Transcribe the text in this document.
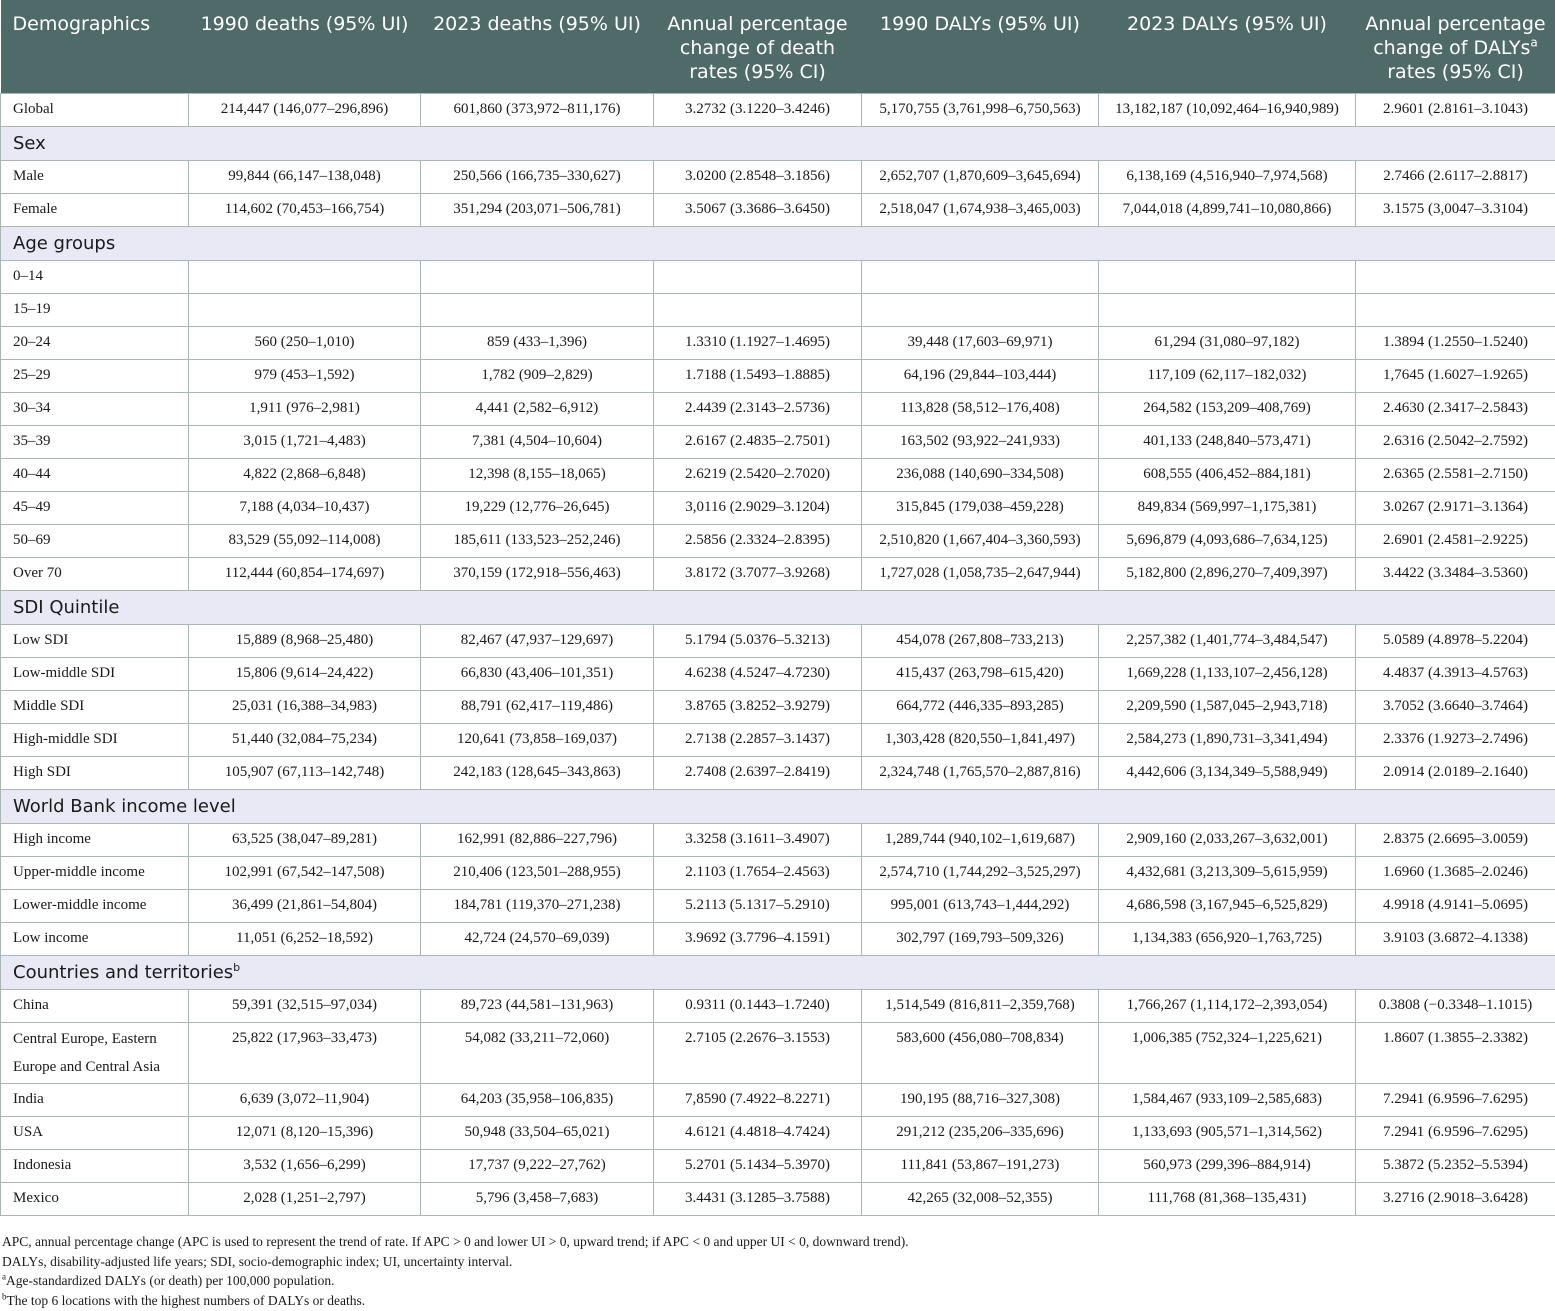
Demographics	1990 deaths (95% UI)	2023 deaths (95% UI)	Annual percentage change of death rates (95% CI)	1990 DALYs (95% UI)	2023 DALYs (95% UI)	Annual percentage change of DALYs$^a$ rates (95% CI)
Global	214,447 (146,077–296,896)	601,860 (373,972–811,176)	3.2732 (3.1220–3.4246)	5,170,755 (3,761,998–6,750,563)	13,182,187 (10,092,464–16,940,989)	2.9601 (2.8161–3.1043)
Sex						
Male	99,844 (66,147–138,048)	250,566 (166,735–330,627)	3.0200 (2.8548–3.1856)	2,652,707 (1,870,609–3,645,694)	6,138,169 (4,516,940–7,974,568)	2.7466 (2.6117–2.8817)
Female	114,602 (70,453–166,754)	351,294 (203,071–506,781)	3.5067 (3.3686–3.6450)	2,518,047 (1,674,938–3,465,003)	7,044,018 (4,899,741–10,080,866)	3.1575 (3,0047–3.3104)
Age groups						
0–14						
15–19						
20–24	560 (250–1,010)	859 (433–1,396)	1.3310 (1.1927–1.4695)	39,448 (17,603–69,971)	61,294 (31,080–97,182)	1.3894 (1.2550–1.5240)
25–29	979 (453–1,592)	1,782 (909–2,829)	1.7188 (1.5493–1.8885)	64,196 (29,844–103,444)	117,109 (62,117–182,032)	1,7645 (1.6027–1.9265)
30–34	1,911 (976–2,981)	4,441 (2,582–6,912)	2.4439 (2.3143–2.5736)	113,828 (58,512–176,408)	264,582 (153,209–408,769)	2.4630 (2.3417–2.5843)
35–39	3,015 (1,721–4,483)	7,381 (4,504–10,604)	2.6167 (2.4835–2.7501)	163,502 (93,922–241,933)	401,133 (248,840–573,471)	2.6316 (2.5042–2.7592)
40–44	4,822 (2,868–6,848)	12,398 (8,155–18,065)	2.6219 (2.5420–2.7020)	236,088 (140,690–334,508)	608,555 (406,452–884,181)	2.6365 (2.5581–2.7150)
45–49	7,188 (4,034–10,437)	19,229 (12,776–26,645)	3,0116 (2.9029–3.1204)	315,845 (179,038–459,228)	849,834 (569,997–1,175,381)	3.0267 (2.9171–3.1364)
50–69	83,529 (55,092–114,008)	185,611 (133,523–252,246)	2.5856 (2.3324–2.8395)	2,510,820 (1,667,404–3,360,593)	5,696,879 (4,093,686–7,634,125)	2.6901 (2.4581–2.9225)
Over 70	112,444 (60,854–174,697)	370,159 (172,918–556,463)	3.8172 (3.7077–3.9268)	1,727,028 (1,058,735–2,647,944)	5,182,800 (2,896,270–7,409,397)	3.4422 (3.3484–3.5360)
SDI Quintile						
Low SDI	15,889 (8,968–25,480)	82,467 (47,937–129,697)	5.1794 (5.0376–5.3213)	454,078 (267,808–733,213)	2,257,382 (1,401,774–3,484,547)	5.0589 (4.8978–5.2204)
Low-middle SDI	15,806 (9,614–24,422)	66,830 (43,406–101,351)	4.6238 (4.5247–4.7230)	415,437 (263,798–615,420)	1,669,228 (1,133,107–2,456,128)	4.4837 (4.3913–4.5763)
Middle SDI	25,031 (16,388–34,983)	88,791 (62,417–119,486)	3.8765 (3.8252–3.9279)	664,772 (446,335–893,285)	2,209,590 (1,587,045–2,943,718)	3.7052 (3.6640–3.7464)
High-middle SDI	51,440 (32,084–75,234)	120,641 (73,858–169,037)	2.7138 (2.2857–3.1437)	1,303,428 (820,550–1,841,497)	2,584,273 (1,890,731–3,341,494)	2.3376 (1.9273–2.7496)
High SDI	105,907 (67,113–142,748)	242,183 (128,645–343,863)	2.7408 (2.6397–2.8419)	2,324,748 (1,765,570–2,887,816)	4,442,606 (3,134,349–5,588,949)	2.0914 (2.0189–2.1640)
World Bank income level						
High income	63,525 (38,047–89,281)	162,991 (82,886–227,796)	3.3258 (3.1611–3.4907)	1,289,744 (940,102–1,619,687)	2,909,160 (2,033,267–3,632,001)	2.8375 (2.6695–3.0059)
Upper-middle income	102,991 (67,542–147,508)	210,406 (123,501–288,955)	2.1103 (1.7654–2.4563)	2,574,710 (1,744,292–3,525,297)	4,432,681 (3,213,309–5,615,959)	1.6960 (1.3685–2.0246)
Lower-middle income	36,499 (21,861–54,804)	184,781 (119,370–271,238)	5.2113 (5.1317–5.2910)	995,001 (613,743–1,444,292)	4,686,598 (3,167,945–6,525,829)	4.9918 (4.9141–5.0695)
Low income	11,051 (6,252–18,592)	42,724 (24,570–69,039)	3.9692 (3.7796–4.1591)	302,797 (169,793–509,326)	1,134,383 (656,920–1,763,725)	3.9103 (3.6872–4.1338)
Countries and territories$^b$
China	59,391 (32,515–97,034)	89,723 (44,581–131,963)	0.9311 (0.1443–1.7240)	1,514,549 (816,811–2,359,768)	1,766,267 (1,114,172–2,393,054)	0.3808 (−0.3348–1.1015)
Central Europe, Eastern Europe and Central Asia	25,822 (17,963–33,473)	54,082 (33,211–72,060)	2.7105 (2.2676–3.1553)	583,600 (456,080–708,834)	1,006,385 (752,324–1,225,621)	1.8607 (1.3855–2.3382)
India	6,639 (3,072–11,904)	64,203 (35,958–106,835)	7,8590 (7.4922–8.2271)	190,195 (88,716–327,308)	1,584,467 (933,109–2,585,683)	7.2941 (6.9596–7.6295)
USA	12,071 (8,120–15,396)	50,948 (33,504–65,021)	4.6121 (4.4818–4.7424)	291,212 (235,206–335,696)	1,133,693 (905,571–1,314,562)	7.2941 (6.9596–7.6295)
Indonesia	3,532 (1,656–6,299)	17,737 (9,222–27,762)	5.2701 (5.1434–5.3970)	111,841 (53,867–191,273)	560,973 (299,396–884,914)	5.3872 (5.2352–5.5394)
Mexico	2,028 (1,251–2,797)	5,796 (3,458–7,683)	3.4431 (3.1285–3.7588)	42,265 (32,008–52,355)	111,768 (81,368–135,431)	3.2716 (2.9018–3.6428)
APC, annual percentage change (APC is used to represent the trend of rate. If APC > 0 and lower UI > 0, upward trend; if APC < 0 and upper UI < 0, downward trend).
DALYs, disability-adjusted life years; SDI, socio-demographic index; UI, uncertainty interval.
$^a$Age-standardized DALYs (or death) per 100,000 population.
$^b$The top 6 locations with the highest numbers of DALYs or deaths.
